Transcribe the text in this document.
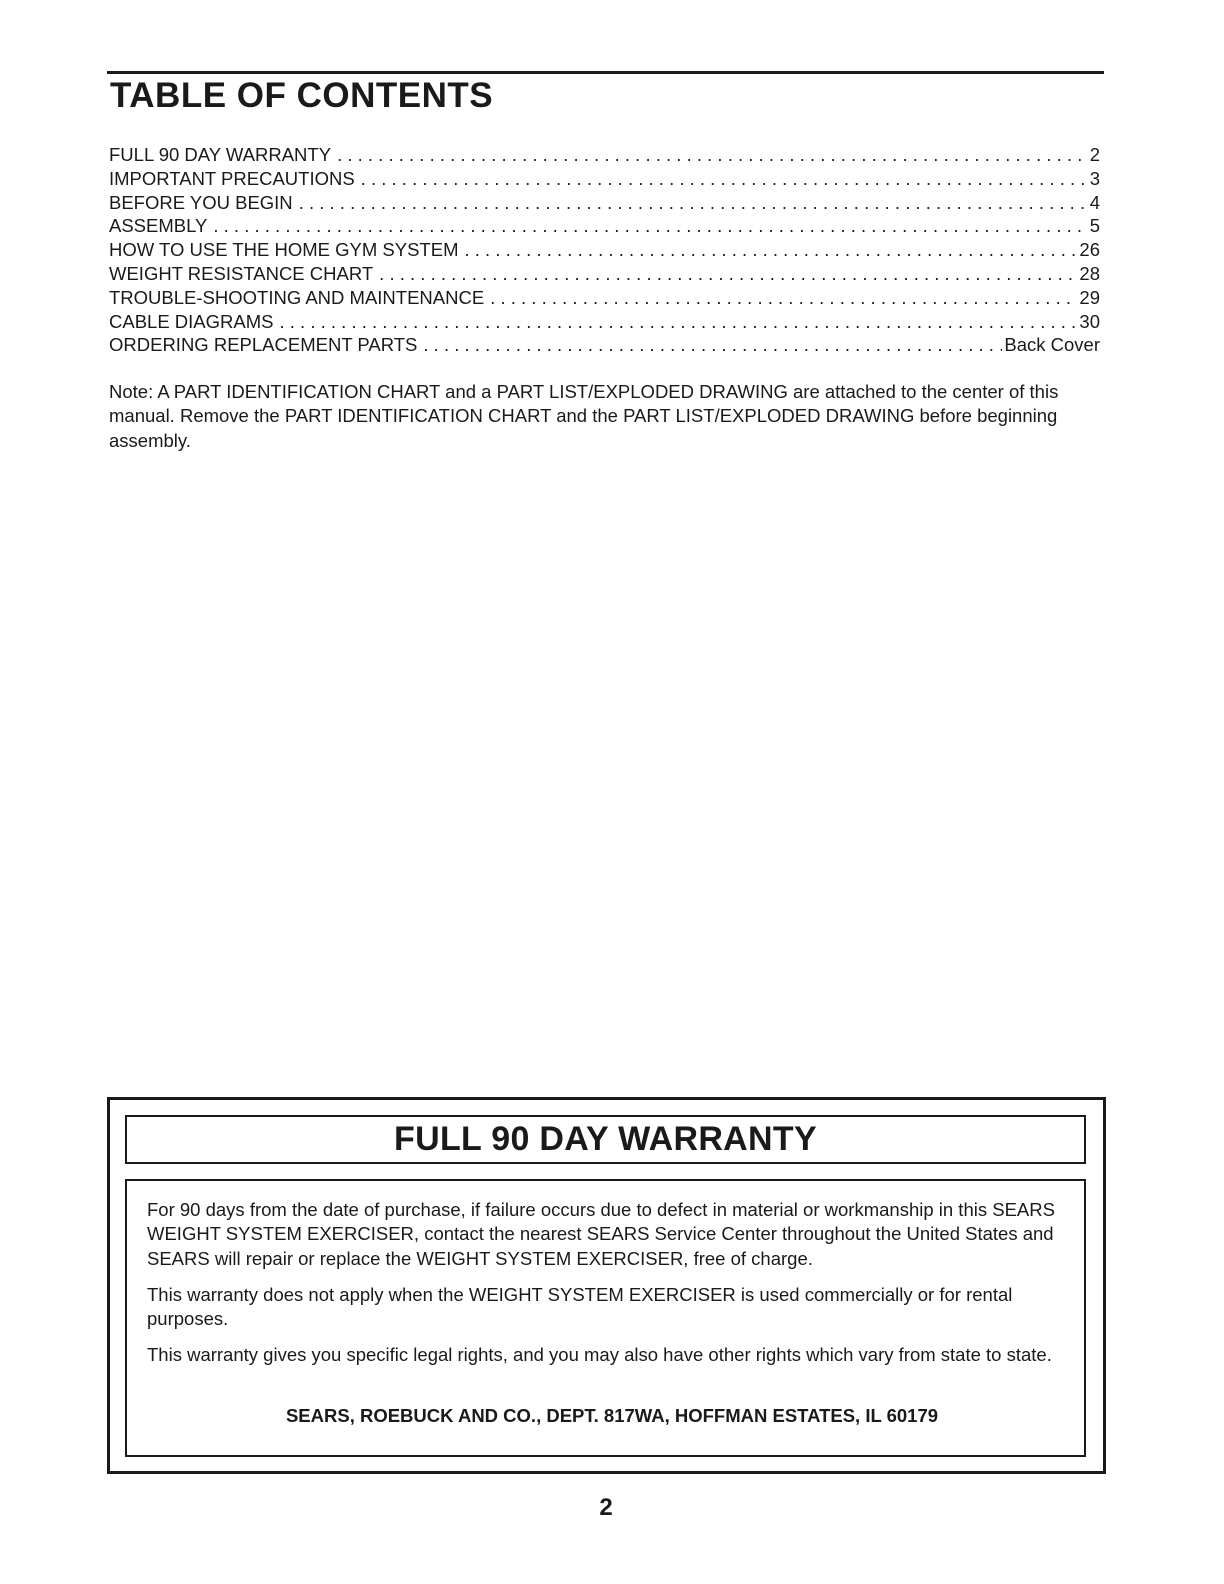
TABLE OF CONTENTS
FULL 90 DAY WARRANTY . . .	2
IMPORTANT PRECAUTIONS . . .	3
BEFORE YOU BEGIN . . .	4
ASSEMBLY . . .	5
HOW TO USE THE HOME GYM SYSTEM . . .	26
WEIGHT RESISTANCE CHART . . .	28
TROUBLE-SHOOTING AND MAINTENANCE . . .	29
CABLE DIAGRAMS . . .	30
ORDERING REPLACEMENT PARTS . . .	Back Cover

Note: A PART IDENTIFICATION CHART and a PART LIST/EXPLODED DRAWING are attached to the center of this manual. Remove the PART IDENTIFICATION CHART and the PART LIST/EXPLODED DRAWING before beginning assembly.

FULL 90 DAY WARRANTY

For 90 days from the date of purchase, if failure occurs due to defect in material or workmanship in this SEARS WEIGHT SYSTEM EXERCISER, contact the nearest SEARS Service Center throughout the United States and SEARS will repair or replace the WEIGHT SYSTEM EXERCISER, free of charge.

This warranty does not apply when the WEIGHT SYSTEM EXERCISER is used commercially or for rental purposes.

This warranty gives you specific legal rights, and you may also have other rights which vary from state to state.

SEARS, ROEBUCK AND CO., DEPT. 817WA, HOFFMAN ESTATES, IL 60179
2
